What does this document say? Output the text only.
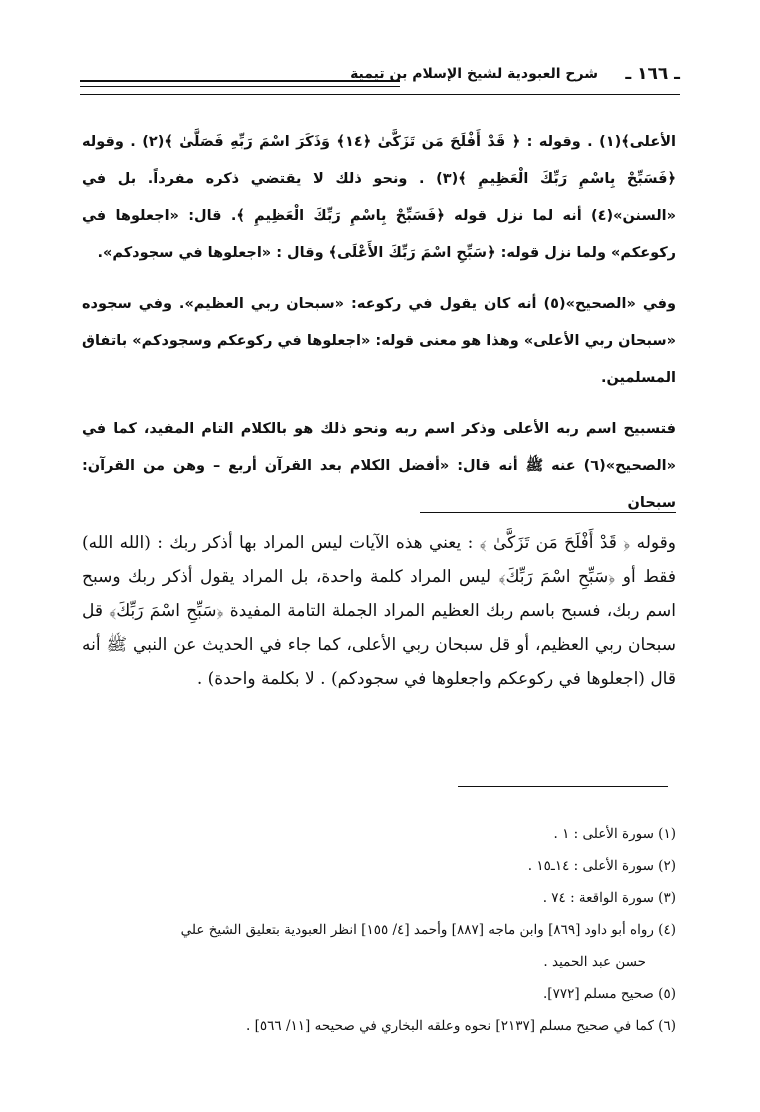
ـ ١٦٦ ـ
شرح العبودية لشيخ الإسلام بن تيمية

الأعلى﴾(١) . وقوله : ﴿ قَدْ أَفْلَحَ مَن تَزَكَّىٰ ﴿١٤﴾ وَذَكَرَ اسْمَ رَبِّهِ فَصَلَّىٰ ﴾(٢) . وقوله ﴿فَسَبِّحْ بِاسْمِ رَبِّكَ الْعَظِيمِ ﴾(٣) . ونحو ذلك لا يقتضي ذكره مفرداً. بل في «السنن»(٤) أنه لما نزل قوله ﴿فَسَبِّحْ بِاسْمِ رَبِّكَ الْعَظِيمِ ﴾. قال: «اجعلوها في ركوعكم» ولما نزل قوله: ﴿سَبِّحِ اسْمَ رَبِّكَ الأَعْلَى﴾ وقال : «اجعلوها في سجودكم».

وفي «الصحيح»(٥) أنه كان يقول في ركوعه: «سبحان ربي العظيم». وفي سجوده «سبحان ربي الأعلى» وهذا هو معنى قوله: «اجعلوها في ركوعكم وسجودكم» باتفاق المسلمين.

فتسبيح اسم ربه الأعلى وذكر اسم ربه ونحو ذلك هو بالكلام التام المفيد، كما في «الصحيح»(٦) عنه ﷺ أنه قال: «أفضل الكلام بعد القرآن أربع – وهن من القرآن: سبحان

وقوله ﴿ قَدْ أَفْلَحَ مَن تَزَكَّىٰ ﴾ : يعني هذه الآيات ليس المراد بها أذكر ربك : (الله الله) فقط أو ﴿سَبِّحِ اسْمَ رَبِّكَ﴾ ليس المراد كلمة واحدة، بل المراد يقول أذكر ربك وسبح اسم ربك، فسبح باسم ربك العظيم المراد الجملة التامة المفيدة ﴿سَبِّحِ اسْمَ رَبِّكَ﴾ قل سبحان ربي العظيم، أو قل سبحان ربي الأعلى، كما جاء في الحديث عن النبي ﷺ أنه قال (اجعلوها في ركوعكم واجعلوها في سجودكم) . لا بكلمة واحدة) .

(١) سورة الأعلى : ١ .

(٢) سورة الأعلى : ١٤ـ١٥ .

(٣) سورة الواقعة : ٧٤ .

(٤) رواه أبو داود [٨٦٩] وابن ماجه [٨٨٧] وأحمد [٤/ ١٥٥] انظر العبودية بتعليق الشيخ علي

حسن عبد الحميد .

(٥) صحيح مسلم [٧٧٢].

(٦) كما في صحيح مسلم [٢١٣٧] نحوه وعلقه البخاري في صحيحه [١١/ ٥٦٦] .
